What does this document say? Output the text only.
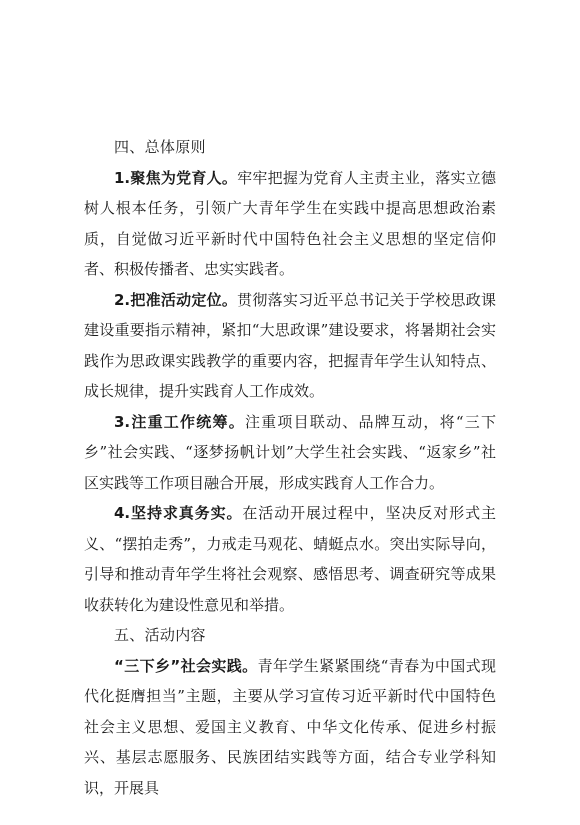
四、总体原则

1.聚焦为党育人。牢牢把握为党育人主责主业，落实立德树人根本任务，引领广大青年学生在实践中提高思想政治素质，自觉做习近平新时代中国特色社会主义思想的坚定信仰者、积极传播者、忠实实践者。

2.把准活动定位。贯彻落实习近平总书记关于学校思政课建设重要指示精神，紧扣“大思政课”建设要求，将暑期社会实践作为思政课实践教学的重要内容，把握青年学生认知特点、成长规律，提升实践育人工作成效。

3.注重工作统筹。注重项目联动、品牌互动，将“三下乡”社会实践、“逐梦扬帆计划”大学生社会实践、“返家乡”社区实践等工作项目融合开展，形成实践育人工作合力。

4.坚持求真务实。在活动开展过程中，坚决反对形式主义、“摆拍走秀”，力戒走马观花、蜻蜓点水。突出实际导向，引导和推动青年学生将社会观察、感悟思考、调查研究等成果收获转化为建设性意见和举措。

五、活动内容

“三下乡”社会实践。青年学生紧紧围绕“青春为中国式现代化挺膺担当”主题，主要从学习宣传习近平新时代中国特色社会主义思想、爱国主义教育、中华文化传承、促进乡村振兴、基层志愿服务、民族团结实践等方面，结合专业学科知识，开展具
